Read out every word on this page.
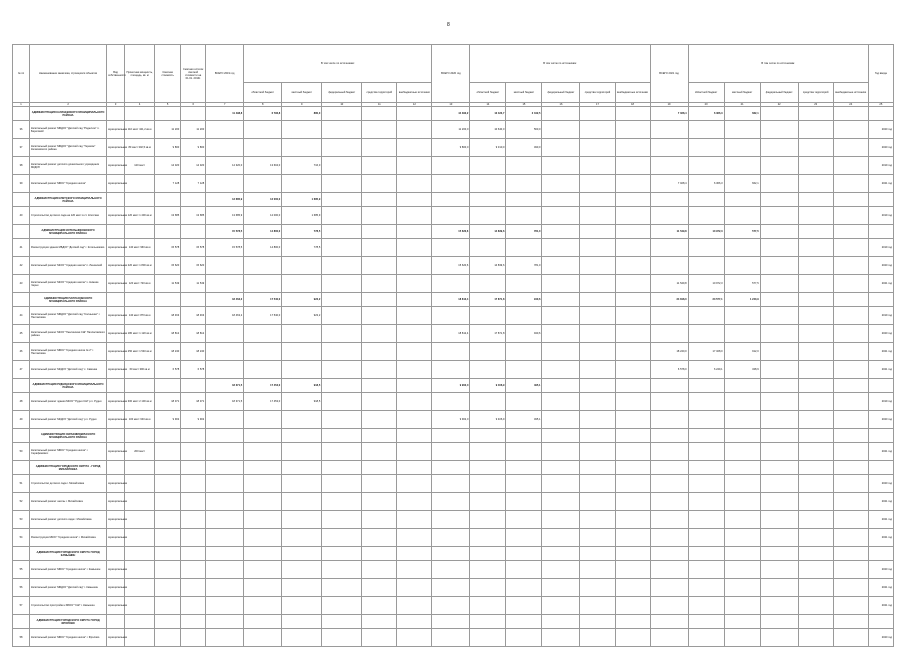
8
№ пп	Наименование заказчика, строящихся объектов	Вид собственности	Проектная мощность, площадь, кв. м	Сметная стоимость	Сметная остаток сметной стоимости на 01.01. 2019г.	ВСЕГО 2019 год	В том числе по источникам:					ВСЕГО 2020 год	В том числе по источникам:					ВСЕГО 2021 год	В том числе по источникам:					Год ввода
							областной бюджет	местный бюджет	федеральный бюджет	средства территорий	внебюджетные источники		областной бюджет	местный бюджет	федеральный бюджет	средства территорий	внебюджетные источники		областной бюджет	местный бюджет	федеральный бюджет	средства территорий	внебюджетные источники	
1	2	3	4	5	6	7	8	9	10	11	12	13	14	15	16	17	18	19	20	21	22	23	24	25
	АДМИНИСТРАЦИЯ КАЛАЧЕВСКОГО МУНИЦИПАЛЬНОГО РАЙОНА					11 498,8	6 796,8	880,0				44 390,2	12 423,7	2 342,5				7 028,4	6 366,3	662,1				
36	Капитальный ремонт МБДОУ "Детский сад "Родничок" п. Береговой	муниципальная	110 мест 421,2 кв.м	11 200	11 200							11 200,0	10 640,0	560,0										2020 год
37	Капитальный ремонт МБДОУ "Детский сад "Теремок" Калачевского района	муниципальная	80 мест 302,5 кв.м	9 800	9 800							9 800,0	9 310,0	490,0										2020 год
38	Капитальный ремонт детского дошкольного учреждения МКДОУ	муниципальная	120 мест	14 320	14 320	14 320,0	13 604,0	716,0																2019 год
39	Капитальный ремонт МБОУ "Средняя школа"	муниципальная		7 128	7 128													7 028,4	6 366,3	662,1				2021 год
	АДМИНИСТРАЦИЯ КЛЕТСКОГО МУНИЦИПАЛЬНОГО РАЙОНА					13 685,9	12 000,0	1 685,9																
40	Строительство детского сада на 120 мест в ст. Клетская	муниципальная	120 мест 1 400 кв.м	13 685	13 685	13 685,9	12 000,0	1 685,9																2019 год
	АДМИНИСТРАЦИЯ КОТЕЛЬНИКОВСКОГО МУНИЦИПАЛЬНОГО РАЙОНА					15 578,5	14 800,0	778,5				15 620,6	14 839,6	781,0				11 549,8	10 972,3	577,5				
41	Реконструкция здания МБДОУ "Детский сад" г. Котельниково	муниципальная	140 мест 960 кв.м	15 578	15 578	15 578,5	14 800,0	778,5																2019 год
42	Капитальный ремонт МКОУ "Средняя школа" п. Ленинский	муниципальная	220 мест 1 800 кв.м	15 620	15 620							15 620,6	14 839,6	781,0										2020 год
43	Капитальный ремонт МКОУ "Средняя школа" х. Нижние Черни	муниципальная	120 мест 720 кв.м	11 549	11 549													11 549,8	10 972,3	577,5				2021 год
	АДМИНИСТРАЦИЯ ПАЛЛАСОВСКОГО МУНИЦИПАЛЬНОГО РАЙОНА					18 463,2	17 540,0	923,2				18 812,4	17 871,8	940,6				24 818,0	23 577,1	1 240,9				
44	Капитальный ремонт МБДОУ "Детский сад "Солнышко" г. Палласовка	муниципальная	140 мест 870 кв.м	18 463	18 463	18 463,2	17 540,0	923,2																2019 год
45	Капитальный ремонт МКОУ "Гмелинская СШ" Палласовского района	муниципальная	180 мест 1 120 кв.м	18 812	18 812							18 812,4	17 871,8	940,6										2020 год
46	Капитальный ремонт МБОУ "Средняя школа № 2" г. Палласовка	муниципальная	250 мест 1 540 кв.м	18 240	18 240													18 240,0	17 328,0	912,0				2021 год
47	Капитальный ремонт МКДОУ "Детский сад" с. Савинка	муниципальная	60 мест 390 кв.м	6 578	6 578													6 578,0	6 249,1	328,9				2021 год
	АДМИНИСТРАЦИЯ РУДНЯНСКОГО МУНИЦИПАЛЬНОГО РАЙОНА					18 371,5	17 453,0	918,5				9 902,0	9 406,9	495,1										
48	Капитальный ремонт здания МКОУ "Рудня СШ" р.п. Рудня	муниципальная	300 мест 2 100 кв.м	18 371	18 371	18 371,5	17 453,0	918,5																2019 год
49	Капитальный ремонт МКДОУ "Детский сад" р.п. Рудня	муниципальная	100 мест 640 кв.м	9 902	9 902							9 902,0	9 406,9	495,1										2020 год
	АДМИНИСТРАЦИЯ СЕРАФИМОВИЧСКОГО МУНИЦИПАЛЬНОГО РАЙОНА																							
50	Капитальный ремонт МБОУ "Средняя школа" г. Серафимович	муниципальная	200 мест																					2021 год
	АДМИНИСТРАЦИЯ ГОРОДСКОГО ОКРУГА - ГОРОД МИХАЙЛОВКА																							
51	Строительство детского сада г. Михайловка	муниципальная																						2020 год
52	Капитальный ремонт школы г. Михайловка	муниципальная																						2021 год
53	Капитальный ремонт детского сада г. Михайловка	муниципальная																						2021 год
54	Реконструкция МКОУ "Средняя школа" г. Михайловка	муниципальная																						2021 год
	АДМИНИСТРАЦИЯ ГОРОДСКОГО ОКРУГА ГОРОД КАМЫШИН																							
55	Капитальный ремонт МБОУ "Средняя школа" г. Камышин	муниципальная																						2020 год
56	Капитальный ремонт МБДОУ "Детский сад" г. Камышин	муниципальная																						2021 год
57	Строительство пристройки к МБОУ "СШ" г. Камышин	муниципальная																						2021 год
	АДМИНИСТРАЦИЯ ГОРОДСКОГО ОКРУГА ГОРОД ФРОЛОВО																							
58	Капитальный ремонт МБОУ "Средняя школа" г. Фролово	муниципальная																						2020 год
